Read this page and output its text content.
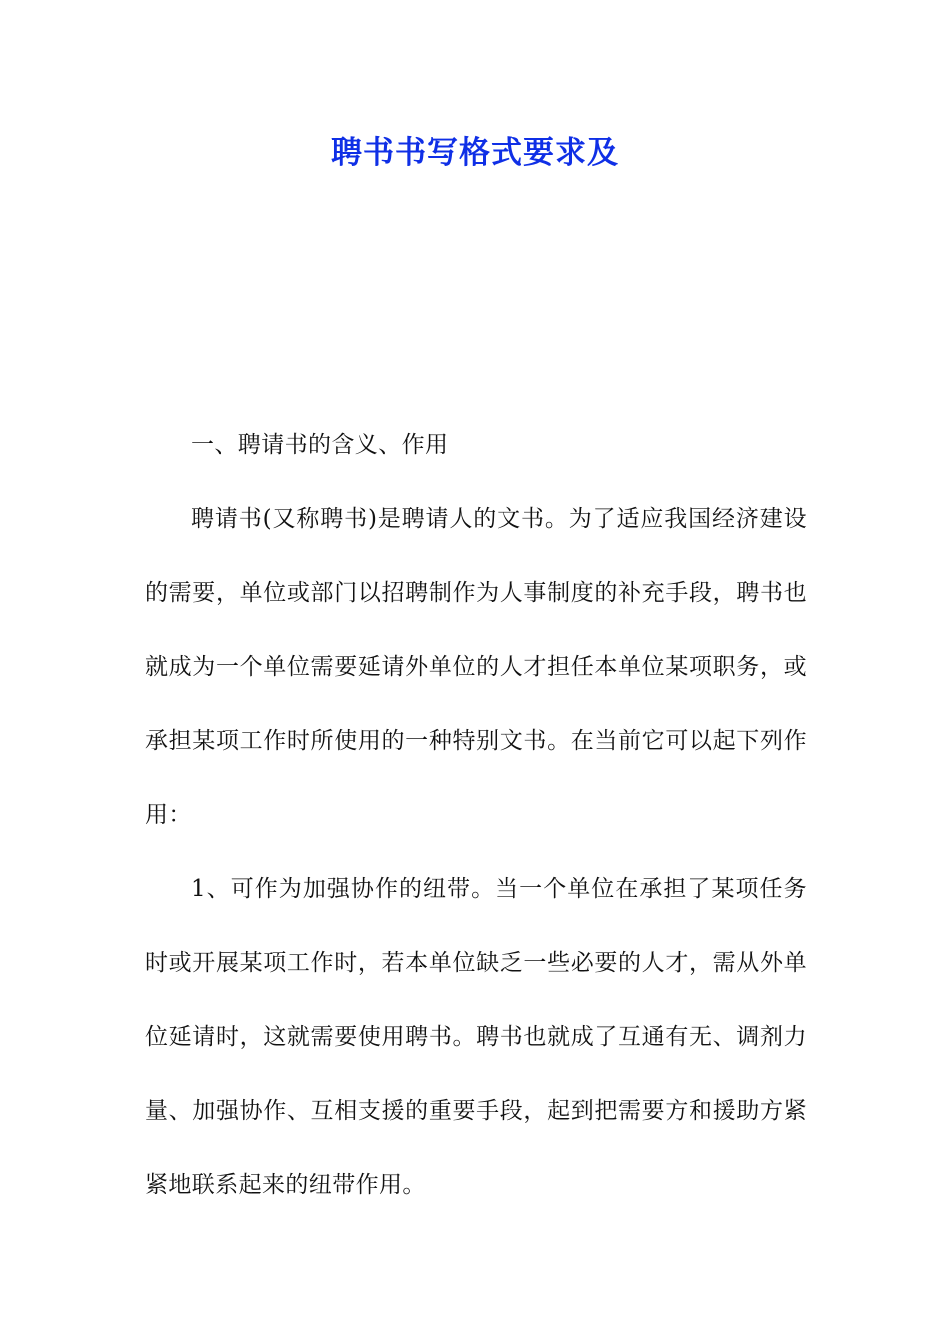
聘书书写格式要求及

一、聘请书的含义、作用

聘请书(又称聘书)是聘请人的文书。为了适应我国经济建设的需要，单位或部门以招聘制作为人事制度的补充手段，聘书也就成为一个单位需要延请外单位的人才担任本单位某项职务，或承担某项工作时所使用的一种特别文书。在当前它可以起下列作用：

1、可作为加强协作的纽带。当一个单位在承担了某项任务时或开展某项工作时，若本单位缺乏一些必要的人才，需从外单位延请时，这就需要使用聘书。聘书也就成了互通有无、调剂力量、加强协作、互相支援的重要手段，起到把需要方和援助方紧紧地联系起来的纽带作用。
